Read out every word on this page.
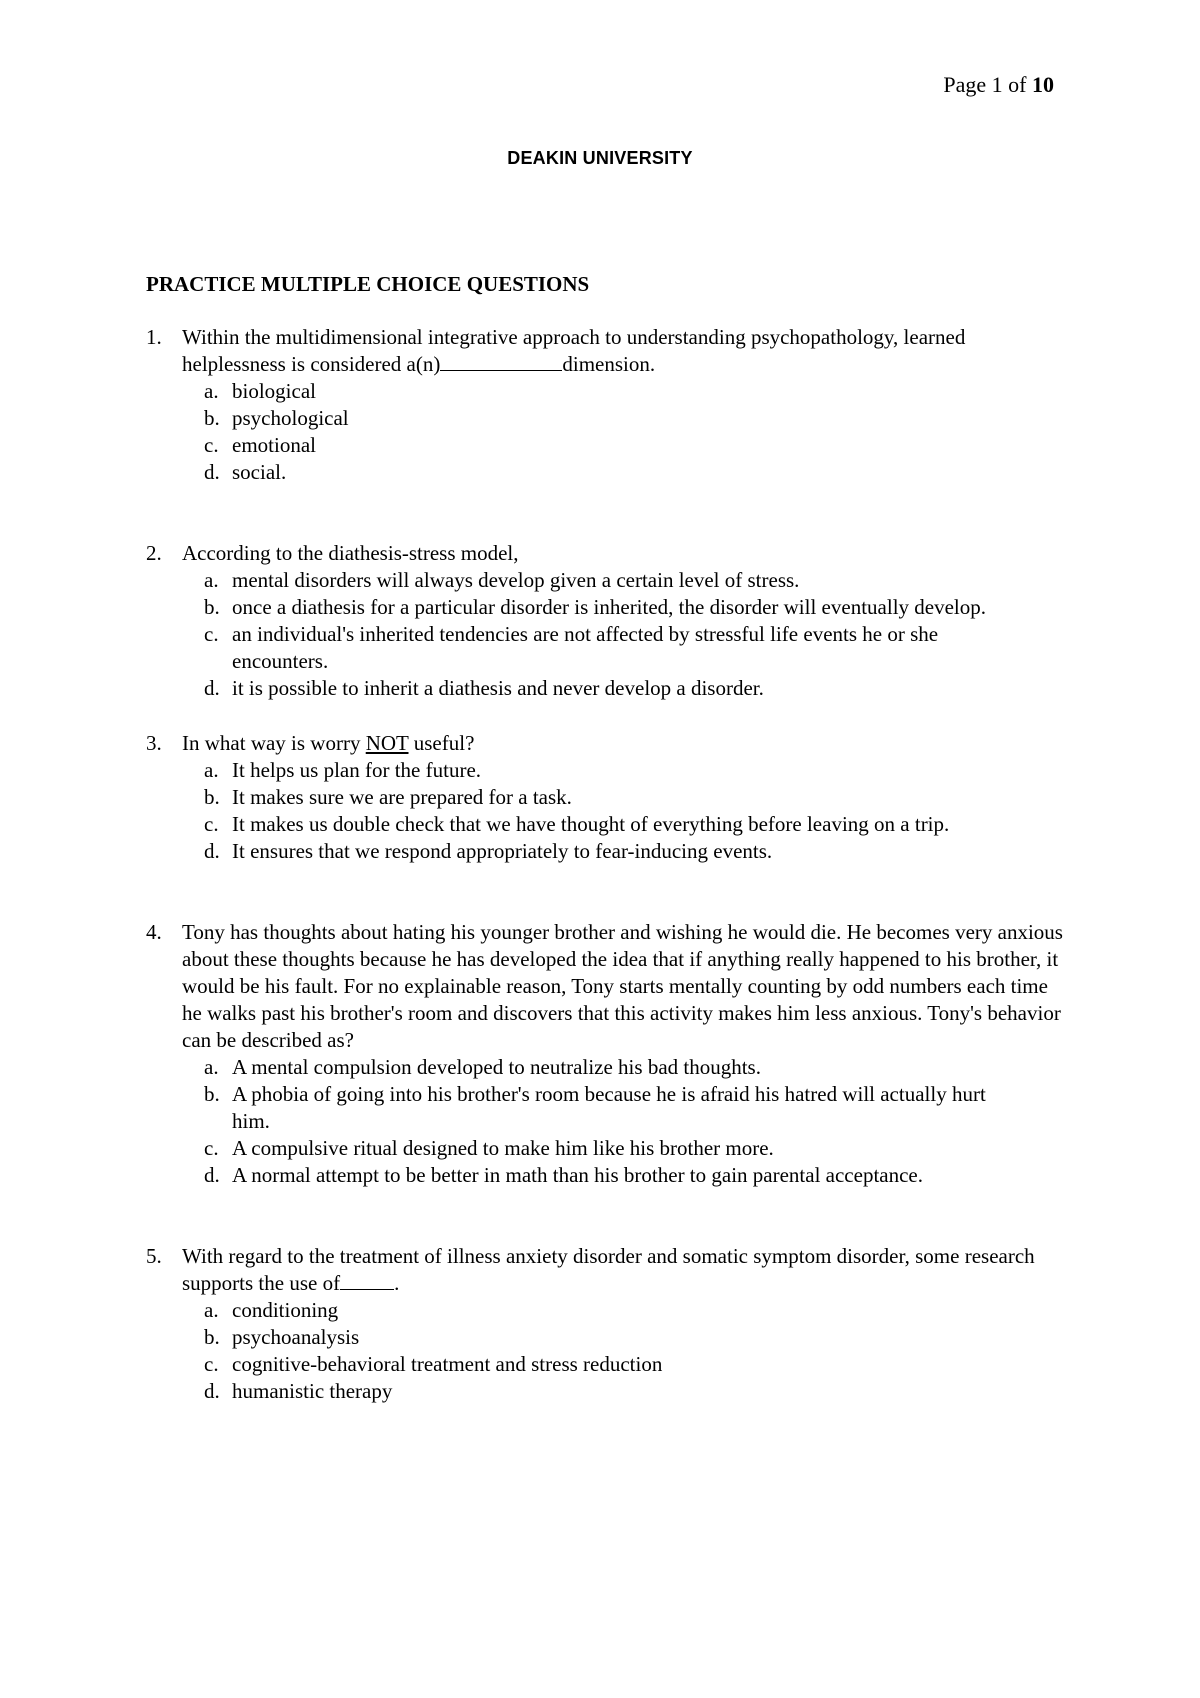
Page 1 of 10
DEAKIN UNIVERSITY
PRACTICE MULTIPLE CHOICE QUESTIONS
1. Within the multidimensional integrative approach to understanding psychopathology, learned helplessness is considered a(n)	dimension.
a. biological
b. psychological
c. emotional
d. social.
2. According to the diathesis-stress model,
a. mental disorders will always develop given a certain level of stress.
b. once a diathesis for a particular disorder is inherited, the disorder will eventually develop.
c. an individual's inherited tendencies are not affected by stressful life events he or she encounters.
d. it is possible to inherit a diathesis and never develop a disorder.
3. In what way is worry NOT useful?
a. It helps us plan for the future.
b. It makes sure we are prepared for a task.
c. It makes us double check that we have thought of everything before leaving on a trip.
d. It ensures that we respond appropriately to fear-inducing events.
4. Tony has thoughts about hating his younger brother and wishing he would die. He becomes very anxious about these thoughts because he has developed the idea that if anything really happened to his brother, it would be his fault. For no explainable reason, Tony starts mentally counting by odd numbers each time he walks past his brother's room and discovers that this activity makes him less anxious. Tony's behavior can be described as?
a. A mental compulsion developed to neutralize his bad thoughts.
b. A phobia of going into his brother's room because he is afraid his hatred will actually hurt him.
c. A compulsive ritual designed to make him like his brother more.
d. A normal attempt to be better in math than his brother to gain parental acceptance.
5. With regard to the treatment of illness anxiety disorder and somatic symptom disorder, some research supports the use of	.
a. conditioning
b. psychoanalysis
c. cognitive-behavioral treatment and stress reduction
d. humanistic therapy
